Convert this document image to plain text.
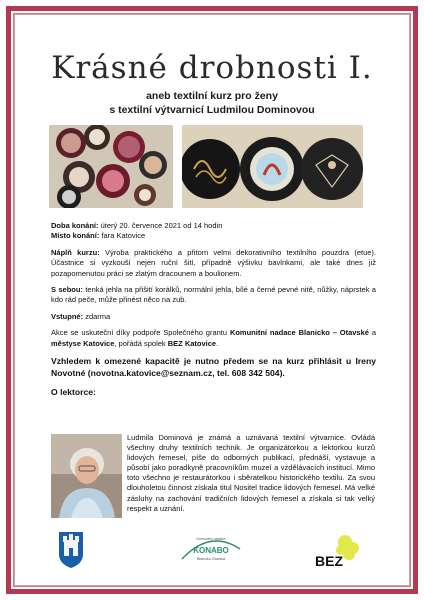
Krásné drobnosti I.
aneb textilní kurz pro ženy
s textilní výtvarnicí Ludmilou Dominovou

Doba konání: úterý 20. července 2021 od 14 hodin

Místo konání: fara Katovice

Náplň kurzu: Výroba praktického a přitom velmi dekorativního textilního pouzdra (etue). Účastnice si vyzkouší nejen ruční šití, případně výšivku bavlnkami, ale také dnes již pozapomenutou práci se zlatým dracounem a boulionem.

S sebou: tenká jehla na přišití korálků, normální jehla, bílé a černé pevné nitě, nůžky, náprstek a kdo rád peče, může přinést něco na zub.

Vstupné: zdarma

Akce se uskuteční díky podpoře Společného grantu Komunitní nadace Blanicko – Otavské a městyse Katovice, pořádá spolek BEZ Katovice.

Vzhledem k omezené kapacitě je nutno předem se na kurz přihlásit u Ireny Novotné (novotna.katovice@seznam.cz, tel. 608 342 504).

O lektorce:

Ludmila Dominová je známá a uznávaná textilní výtvarnice. Ovládá všechny druhy textilních technik. Je organizátorkou a lektorkou kurzů lidových řemesel, píše do odborných publikací, přednáší, vystavuje a působí jako poradkyně pracovníkům muzeí a vzdělávacích institucí. Mimo toto všechno je restaurátorkou i sběratelkou historického textilu. Za svou dlouholetou činnost získala titul Nositel tradice lidových řemesel. Má velké zásluhy na zachování tradičních lidových řemesel a získala si tak velký respekt a uznání.

Komunitní nadace
KONABO
Blanicko-Otavská	BEZ
